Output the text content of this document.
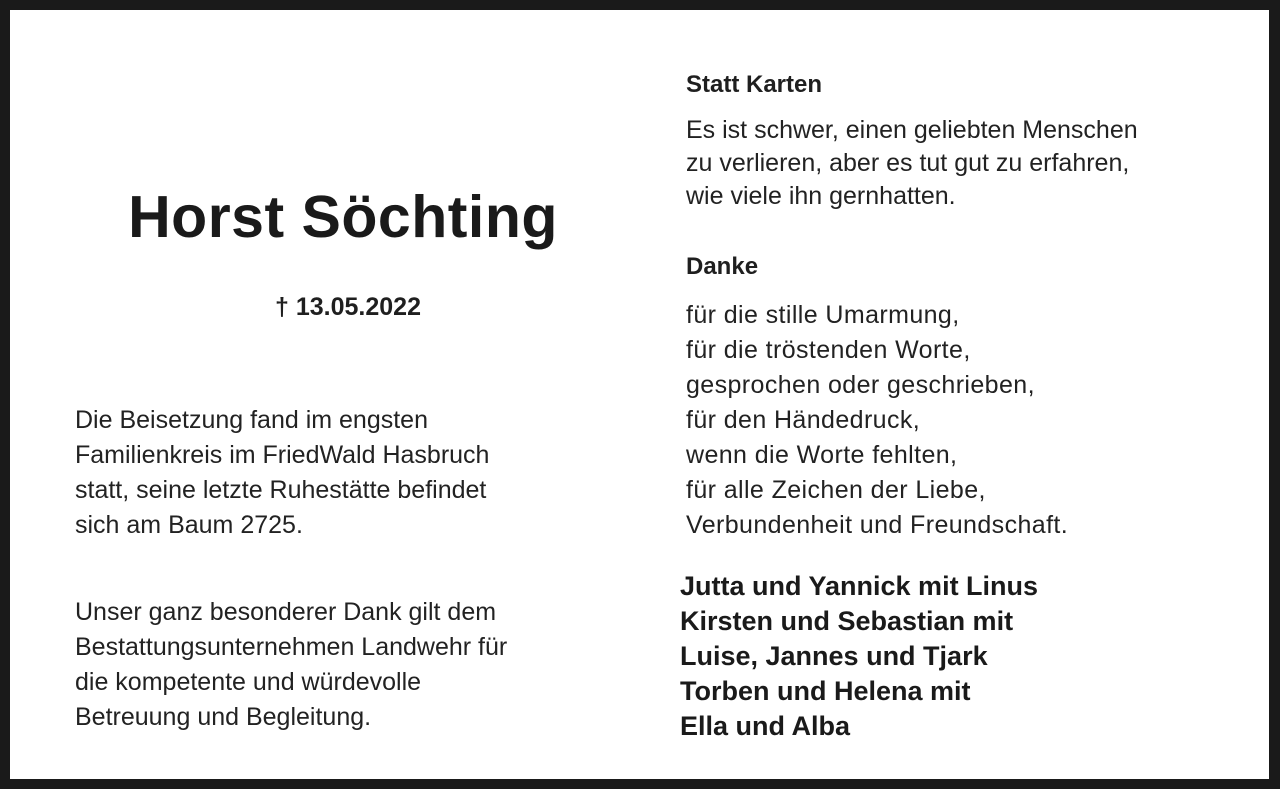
Horst Söchting
† 13.05.2022
Die Beisetzung fand im engsten
Familienkreis im FriedWald Hasbruch
statt, seine letzte Ruhestätte befindet
sich am Baum 2725.
Unser ganz besonderer Dank gilt dem
Bestattungsunternehmen Landwehr für
die kompetente und würdevolle
Betreuung und Begleitung.
Statt Karten
Es ist schwer, einen geliebten Menschen
zu verlieren, aber es tut gut zu erfahren,
wie viele ihn gernhatten.
Danke
für die stille Umarmung,
für die tröstenden Worte,
gesprochen oder geschrieben,
für den Händedruck,
wenn die Worte fehlten,
für alle Zeichen der Liebe,
Verbundenheit und Freundschaft.
Jutta und Yannick mit Linus
Kirsten und Sebastian mit
Luise, Jannes und Tjark
Torben und Helena mit
Ella und Alba
